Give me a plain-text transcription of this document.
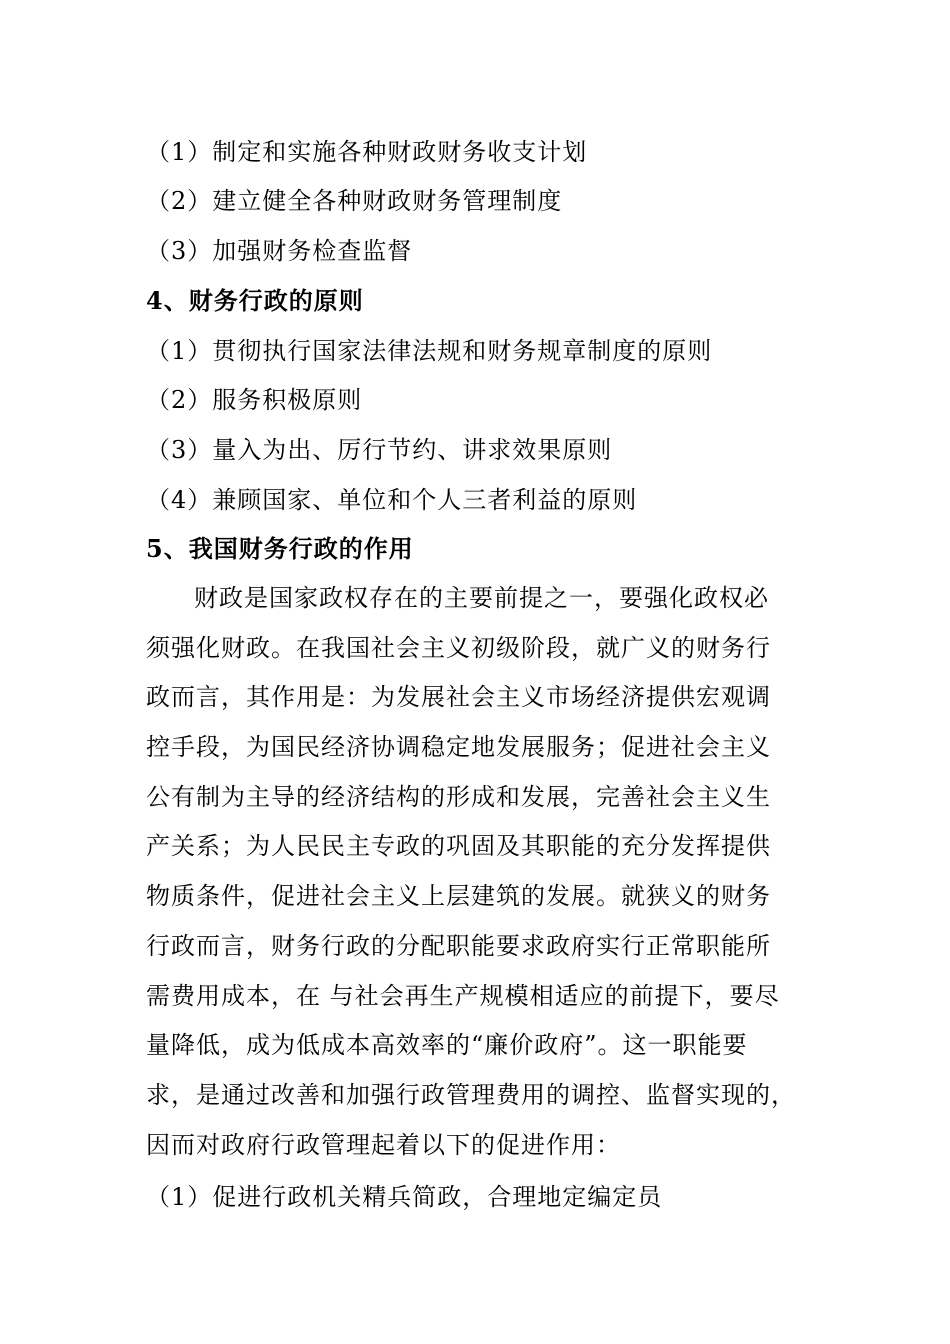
（1）制定和实施各种财政财务收支计划
（2）建立健全各种财政财务管理制度
（3）加强财务检查监督
4、财务行政的原则
（1）贯彻执行国家法律法规和财务规章制度的原则
（2）服务积极原则
（3）量入为出、厉行节约、讲求效果原则
（4）兼顾国家、单位和个人三者利益的原则
5、我国财务行政的作用
财政是国家政权存在的主要前提之一，要强化政权必
须强化财政。在我国社会主义初级阶段，就广义的财务行
政而言，其作用是：为发展社会主义市场经济提供宏观调
控手段，为国民经济协调稳定地发展服务；促进社会主义
公有制为主导的经济结构的形成和发展，完善社会主义生
产关系；为人民民主专政的巩固及其职能的充分发挥提供
物质条件，促进社会主义上层建筑的发展。就狭义的财务
行政而言，财务行政的分配职能要求政府实行正常职能所
需费用成本，在 与社会再生产规模相适应的前提下，要尽
量降低，成为低成本高效率的“廉价政府”。这一职能要
求，是通过改善和加强行政管理费用的调控、监督实现的，
因而对政府行政管理起着以下的促进作用：
（1）促进行政机关精兵简政，合理地定编定员
